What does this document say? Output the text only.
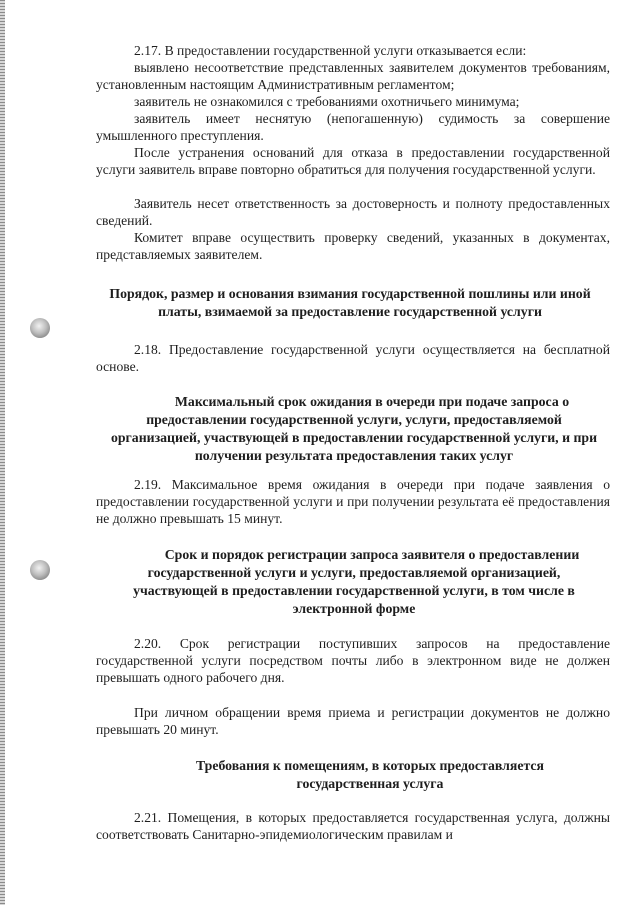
2.17. В предоставлении государственной услуги отказывается если:

выявлено несоответствие представленных заявителем документов требованиям, установленным настоящим Административным регламентом;

заявитель не ознакомился с требованиями охотничьего минимума;

заявитель имеет неснятую (непогашенную) судимость за совершение умышленного преступления.

После устранения оснований для отказа в предоставлении государственной услуги заявитель вправе повторно обратиться для получения государственной услуги.

Заявитель несет ответственность за достоверность и полноту предоставленных сведений.

Комитет вправе осуществить проверку сведений, указанных в документах, представляемых заявителем.

Порядок, размер и основания взимания государственной пошлины или иной платы, взимаемой за предоставление государственной услуги

2.18. Предоставление государственной услуги осуществляется на бесплатной основе.

Максимальный срок ожидания в очереди при подаче запроса о предоставлении государственной услуги, услуги, предоставляемой организацией, участвующей в предоставлении государственной услуги, и при получении результата предоставления таких услуг

2.19. Максимальное время ожидания в очереди при подаче заявления о предоставлении государственной услуги и при получении результата её предоставления не должно превышать 15 минут.

Срок и порядок регистрации запроса заявителя о предоставлении государственной услуги и услуги, предоставляемой организацией, участвующей в предоставлении государственной услуги, в том числе в электронной форме

2.20. Срок регистрации поступивших запросов на предоставление государственной услуги посредством почты либо в электронном виде не должен превышать одного рабочего дня.

При личном обращении время приема и регистрации документов не должно превышать 20 минут.

Требования к помещениям, в которых предоставляется государственная услуга

2.21. Помещения, в которых предоставляется государственная услуга, должны соответствовать Санитарно-эпидемиологическим правилам и
